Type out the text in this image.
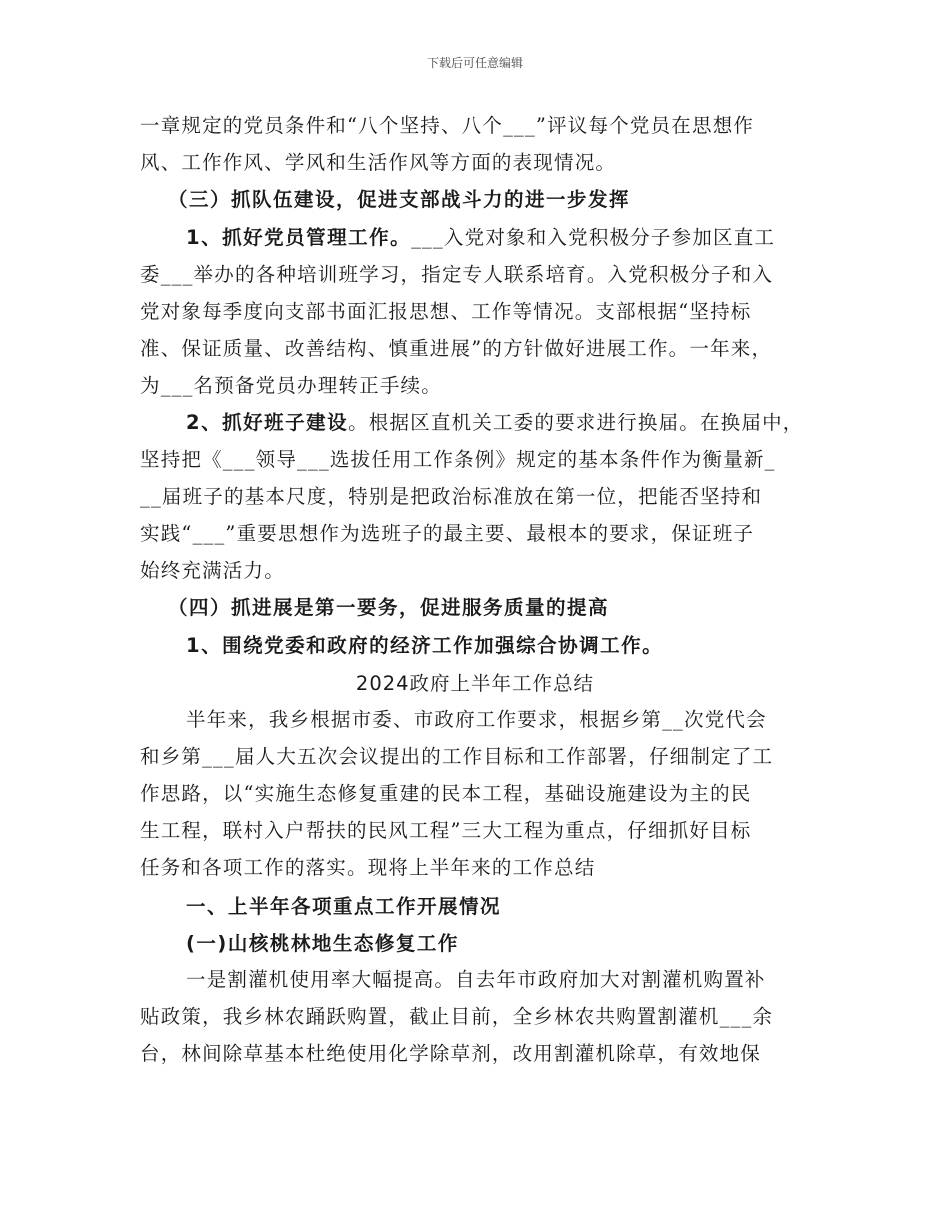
下载后可任意编辑
一章规定的党员条件和“八个坚持、八个___”评议每个党员在思想作
风、工作作风、学风和生活作风等方面的表现情况。
（三）抓队伍建设，促进支部战斗力的进一步发挥
1、抓好党员管理工作。___入党对象和入党积极分子参加区直工
委___举办的各种培训班学习，指定专人联系培育。入党积极分子和入
党对象每季度向支部书面汇报思想、工作等情况。支部根据“坚持标
准、保证质量、改善结构、慎重进展”的方针做好进展工作。一年来，
为___名预备党员办理转正手续。
2、抓好班子建设。根据区直机关工委的要求进行换届。在换届中，
坚持把《___领导___选拔任用工作条例》规定的基本条件作为衡量新_
__届班子的基本尺度，特别是把政治标准放在第一位，把能否坚持和
实践“___”重要思想作为选班子的最主要、最根本的要求，保证班子
始终充满活力。
（四）抓进展是第一要务，促进服务质量的提高
1、围绕党委和政府的经济工作加强综合协调工作。
2024政府上半年工作总结
半年来，我乡根据市委、市政府工作要求，根据乡第__次党代会
和乡第___届人大五次会议提出的工作目标和工作部署，仔细制定了工
作思路，以“实施生态修复重建的民本工程，基础设施建设为主的民
生工程，联村入户帮扶的民风工程”三大工程为重点，仔细抓好目标
任务和各项工作的落实。现将上半年来的工作总结
一、上半年各项重点工作开展情况
(一)山核桃林地生态修复工作
一是割灌机使用率大幅提高。自去年市政府加大对割灌机购置补
贴政策，我乡林农踊跃购置，截止目前，全乡林农共购置割灌机___余
台，林间除草基本杜绝使用化学除草剂，改用割灌机除草，有效地保
